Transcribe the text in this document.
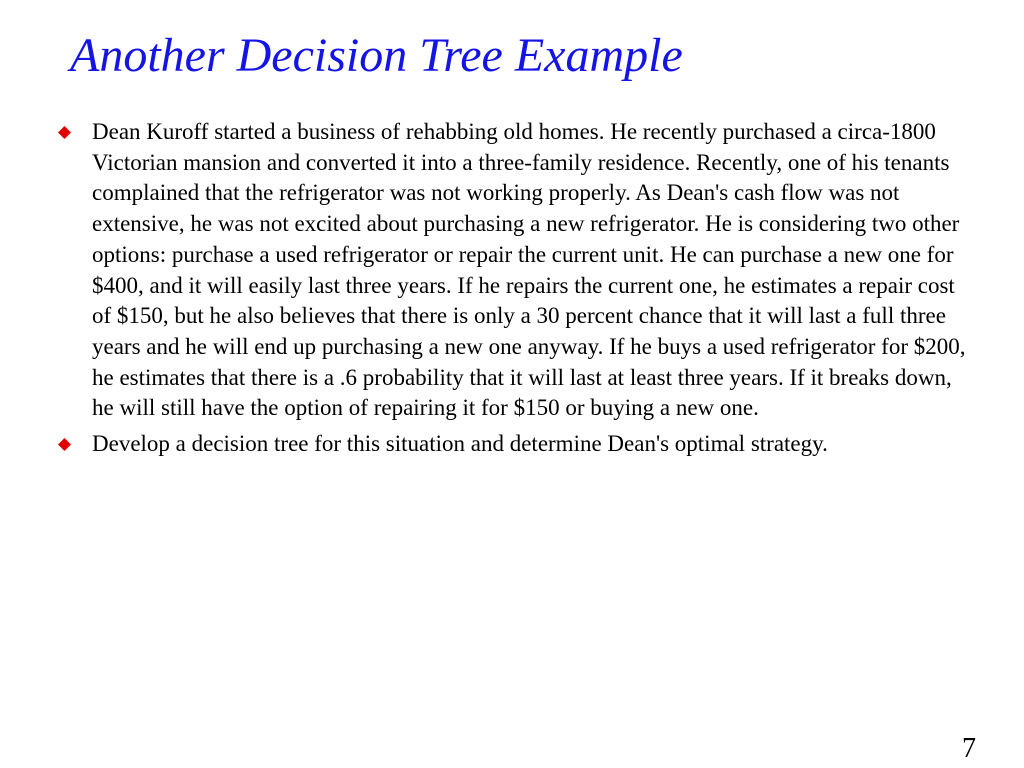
Another Decision Tree Example
Dean Kuroff started a business of rehabbing old homes. He recently purchased a circa-1800 Victorian mansion and converted it into a three-family residence. Recently, one of his tenants complained that the refrigerator was not working properly. As Dean's cash flow was not extensive, he was not excited about purchasing a new refrigerator. He is considering two other options: purchase a used refrigerator or repair the current unit. He can purchase a new one for $400, and it will easily last three years. If he repairs the current one, he estimates a repair cost of $150, but he also believes that there is only a 30 percent chance that it will last a full three years and he will end up purchasing a new one anyway. If he buys a used refrigerator for $200, he estimates that there is a .6 probability that it will last at least three years. If it breaks down, he will still have the option of repairing it for $150 or buying a new one.
Develop a decision tree for this situation and determine Dean's optimal strategy.
7
